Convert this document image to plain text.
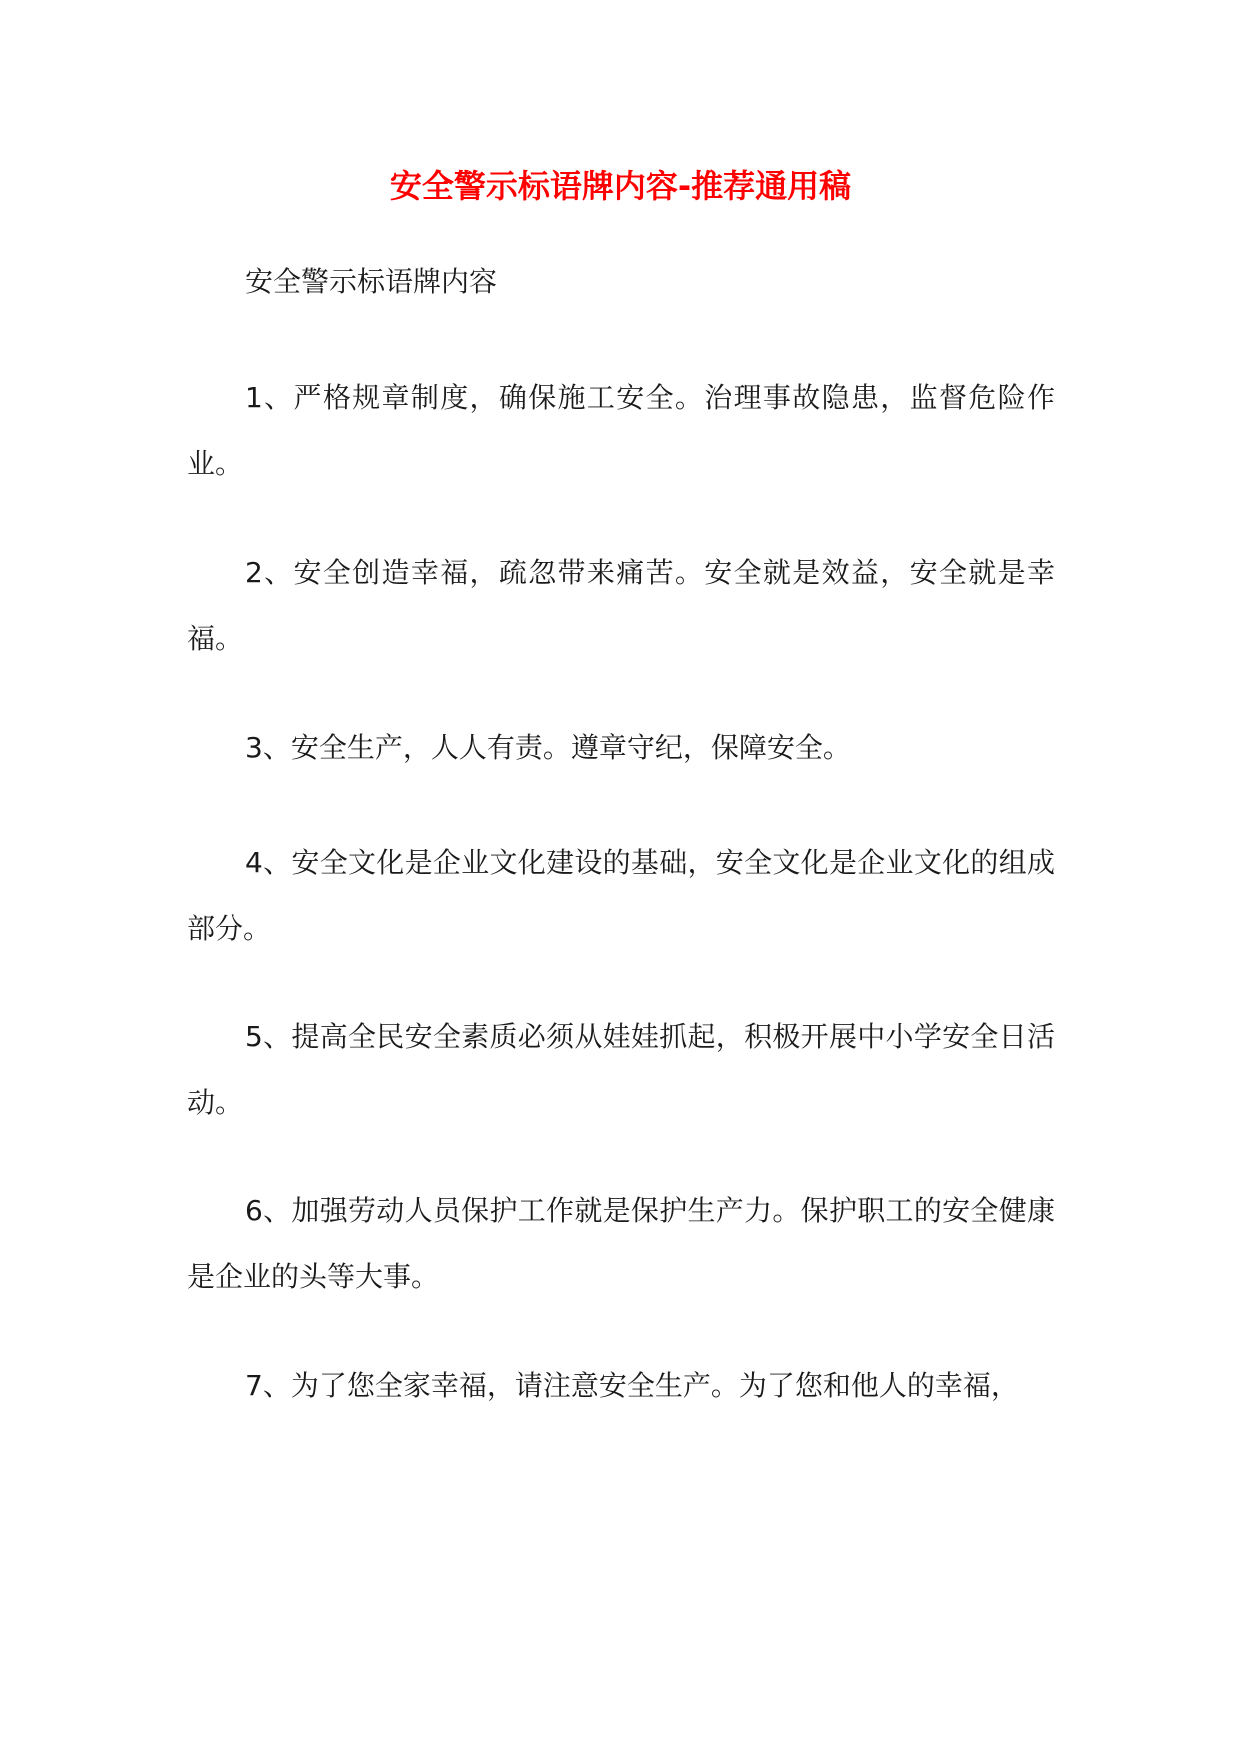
安全警示标语牌内容-推荐通用稿
安全警示标语牌内容
1、严格规章制度，确保施工安全。治理事故隐患，监督危险作业。
2、安全创造幸福，疏忽带来痛苦。安全就是效益，安全就是幸福。
3、安全生产，人人有责。遵章守纪，保障安全。
4、安全文化是企业文化建设的基础，安全文化是企业文化的组成部分。
5、提高全民安全素质必须从娃娃抓起，积极开展中小学安全日活动。
6、加强劳动人员保护工作就是保护生产力。保护职工的安全健康是企业的头等大事。
7、为了您全家幸福，请注意安全生产。为了您和他人的幸福，
